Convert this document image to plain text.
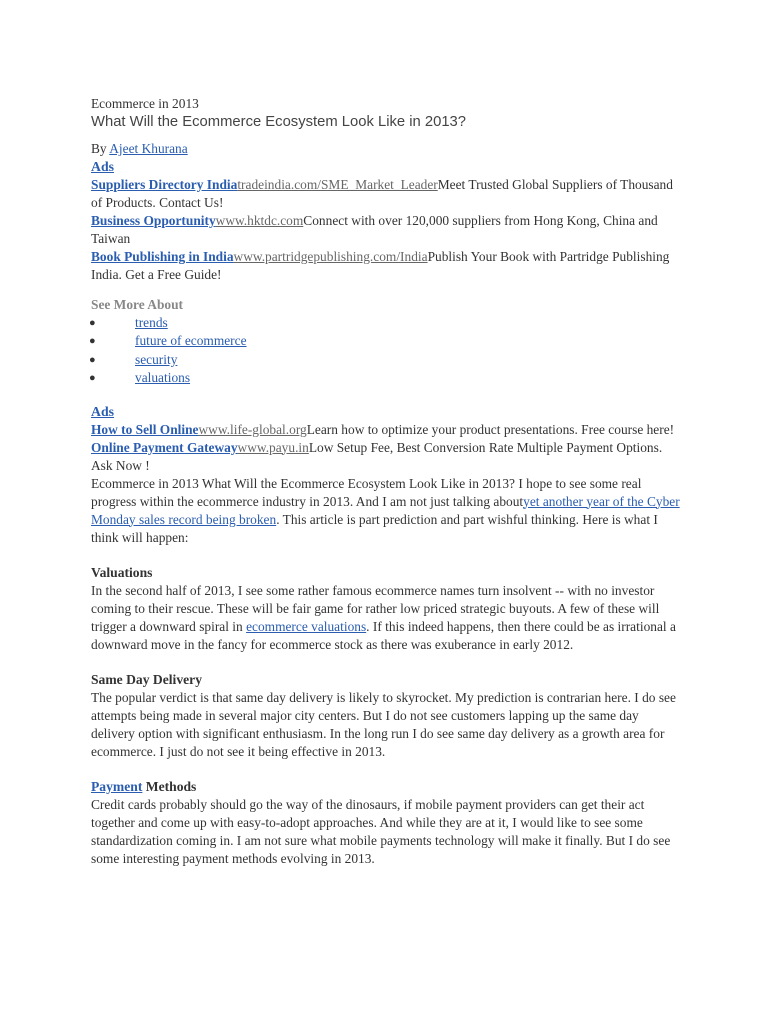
Ecommerce in 2013
What Will the Ecommerce Ecosystem Look Like in 2013?
By Ajeet Khurana
Ads
Suppliers Directory Indiatradeindia.com/SME_Market_LeaderMeet Trusted Global Suppliers of Thousand of Products. Contact Us!
Business Opportunitywww.hktdc.comConnect with over 120,000 suppliers from Hong Kong, China and Taiwan
Book Publishing in Indiawww.partridgepublishing.com/IndiaPublish Your Book with Partridge Publishing India. Get a Free Guide!
See More About
●	trends
●	future of ecommerce
●	security
●	valuations
Ads
How to Sell Onlinewww.life-global.orgLearn how to optimize your product presentations. Free course here!
Online Payment Gatewaywww.payu.inLow Setup Fee, Best Conversion Rate Multiple Payment Options. Ask Now !

Ecommerce in 2013 What Will the Ecommerce Ecosystem Look Like in 2013? I hope to see some real progress within the ecommerce industry in 2013. And I am not just talking aboutyet another year of the Cyber Monday sales record being broken. This article is part prediction and part wishful thinking. Here is what I think will happen:

Valuations

In the second half of 2013, I see some rather famous ecommerce names turn insolvent -- with no investor coming to their rescue. These will be fair game for rather low priced strategic buyouts. A few of these will trigger a downward spiral in ecommerce valuations. If this indeed happens, then there could be as irrational a downward move in the fancy for ecommerce stock as there was exuberance in early 2012.

Same Day Delivery

The popular verdict is that same day delivery is likely to skyrocket. My prediction is contrarian here. I do see attempts being made in several major city centers. But I do not see customers lapping up the same day delivery option with significant enthusiasm. In the long run I do see same day delivery as a growth area for ecommerce. I just do not see it being effective in 2013.

Payment Methods

Credit cards probably should go the way of the dinosaurs, if mobile payment providers can get their act together and come up with easy-to-adopt approaches. And while they are at it, I would like to see some standardization coming in. I am not sure what mobile payments technology will make it finally. But I do see some interesting payment methods evolving in 2013.
